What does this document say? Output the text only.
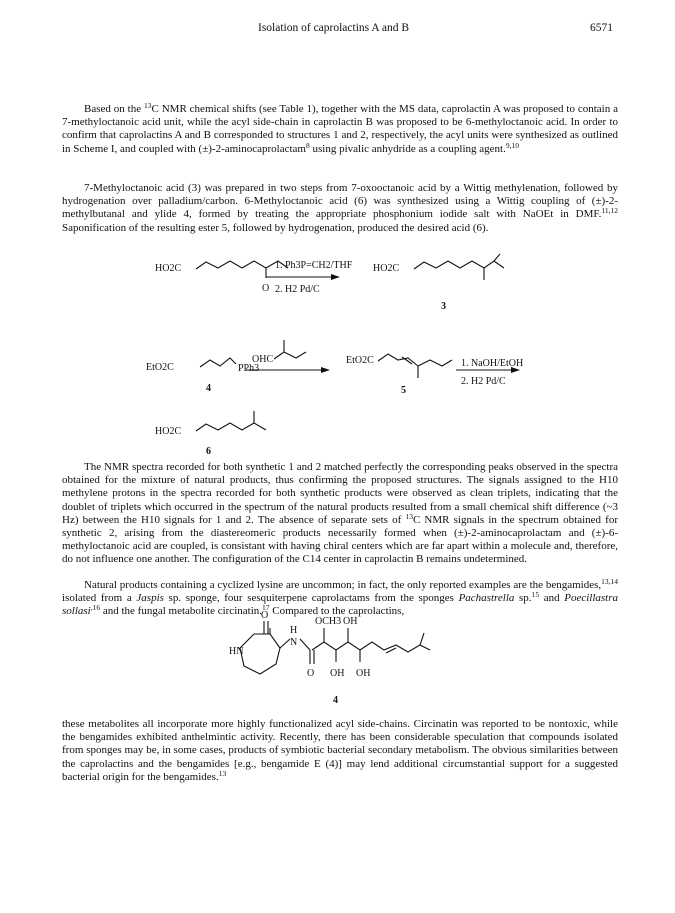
Isolation of caprolactins A and B	6571

Based on the $^{13}$C NMR chemical shifts (see Table 1), together with the MS data, caprolactin A was proposed to contain a 7-methyloctanoic acid unit, while the acyl side-chain in caprolactin B was proposed to be 6-methyloctanoic acid. In order to confirm that caprolactins A and B corresponded to structures 1 and 2, respectively, the acyl units were synthesized as outlined in Scheme I, and coupled with (±)-2-aminocaprolactam$^8$ using pivalic anhydride as a coupling agent.$^{9,10}$

7-Methyloctanoic acid (3) was prepared in two steps from 7-oxooctanoic acid by a Wittig methylenation, followed by hydrogenation over palladium/carbon. 6-Methyloctanoic acid (6) was synthesized using a Wittig coupling of (±)-2-methylbutanal and ylide 4, formed by treating the appropriate phosphonium iodide salt with NaOEt in DMF.$^{11,12}$ Saponification of the resulting ester 5, followed by hydrogenation, produced the desired acid (6).

HO2C
O
1. Ph3P=CH2/THF
2. H2 Pd/C
HO2C
3
EtO2C	PPh3
OHC
4
EtO2C
5
1. NaOH/EtOH
2. H2 Pd/C
HO2C
6

The NMR spectra recorded for both synthetic 1 and 2 matched perfectly the corresponding peaks observed in the spectra obtained for the mixture of natural products, thus confirming the proposed structures. The signals assigned to the H10 methylene protons in the spectra recorded for both synthetic products were observed as clean triplets, indicating that the doublet of triplets which occurred in the spectrum of the natural products resulted from a small chemical shift difference (~3 Hz) between the H10 signals for 1 and 2. The absence of separate sets of $^{13}$C NMR signals in the spectrum obtained for synthetic 2, arising from the diastereomeric products necessarily formed when (±)-2-aminocaprolactam and (±)-6-methyloctanoic acid are coupled, is consistant with having chiral centers which are far apart within a molecule and, therefore, do not influence one another. The configuration of the C14 center in caprolactin B remains undetermined.

Natural products containing a cyclized lysine are uncommon; in fact, the only reported examples are the bengamides,$^{13,14}$ isolated from a Jaspis sp. sponge, four sesquiterpene caprolactams from the sponges Pachastrella sp.$^{15}$ and Poecillastra sollasi$^{,16}$ and the fungal metabolite circinatin.$^{17}$ Compared to the caprolactins,

O
H
N
HN
OCH3 OH
O OH OH
4

these metabolites all incorporate more highly functionalized acyl side-chains. Circinatin was reported to be nontoxic, while the bengamides exhibited anthelmintic activity. Recently, there has been considerable speculation that compounds isolated from sponges may be, in some cases, products of symbiotic bacterial secondary metabolism. The obvious similarities between the caprolactins and the bengamides [e.g., bengamide E (4)] may lend additional circumstantial support for a suggested bacterial origin for the bengamides.$^{13}$
